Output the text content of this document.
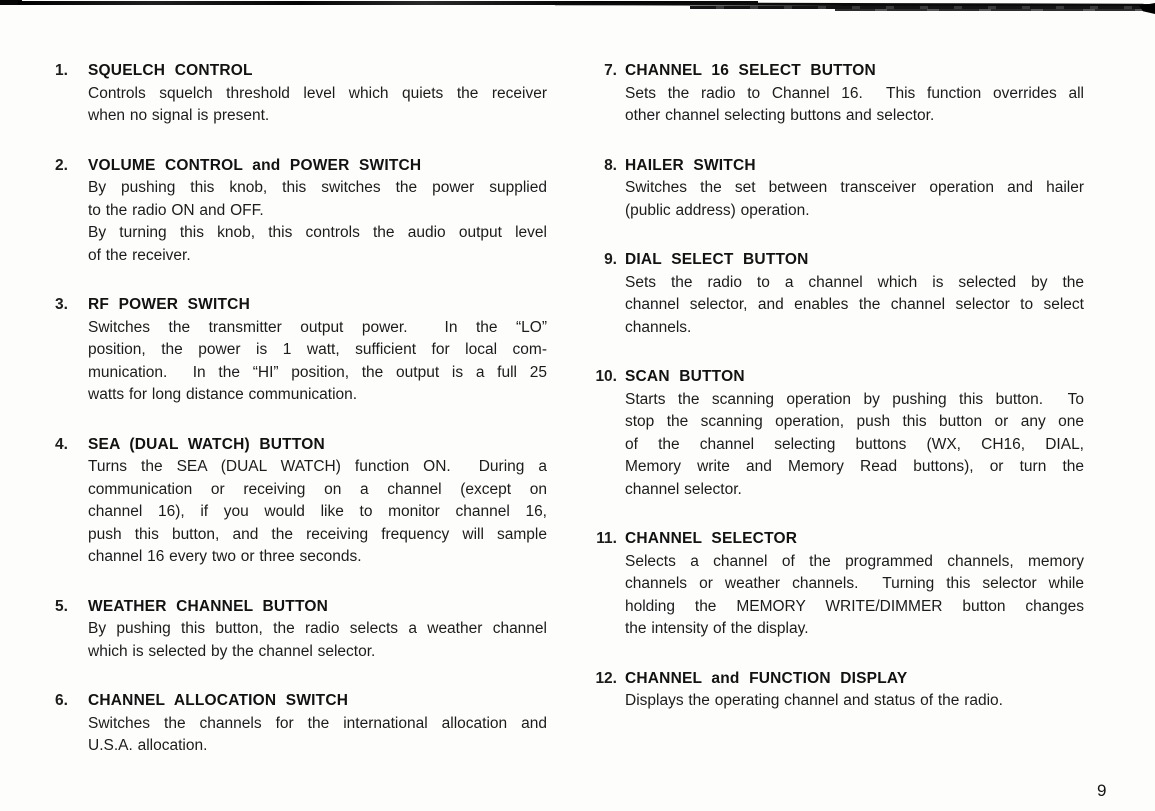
1.	SQUELCH CONTROL
Controls squelch threshold level which quiets the receiver
when no signal is present.
2.	VOLUME CONTROL and POWER SWITCH
By pushing this knob, this switches the power supplied
to the radio ON and OFF.
By turning this knob, this controls the audio output level
of the receiver.
3.	RF POWER SWITCH
Switches the transmitter output power.  In the “LO”
position, the power is 1 watt, sufficient for local com-
munication.  In the “HI” position, the output is a full 25
watts for long distance communication.
4.	SEA (DUAL WATCH) BUTTON
Turns the SEA (DUAL WATCH) function ON.  During a
communication or receiving on a channel (except on
channel 16), if you would like to monitor channel 16,
push this button, and the receiving frequency will sample
channel 16 every two or three seconds.
5.	WEATHER CHANNEL BUTTON
By pushing this button, the radio selects a weather channel
which is selected by the channel selector.
6.	CHANNEL ALLOCATION SWITCH
Switches the channels for the international allocation and
U.S.A. allocation.
7. CHANNEL 16 SELECT BUTTON
Sets the radio to Channel 16.  This function overrides all
other channel selecting buttons and selector.
8. HAILER SWITCH
Switches the set between transceiver operation and hailer
(public address) operation.
9. DIAL SELECT BUTTON
Sets the radio to a channel which is selected by the
channel selector, and enables the channel selector to select
channels.
10. SCAN BUTTON
Starts the scanning operation by pushing this button.  To
stop the scanning operation, push this button or any one
of the channel selecting buttons (WX, CH16, DIAL,
Memory write and Memory Read buttons), or turn the
channel selector.
11. CHANNEL SELECTOR
Selects a channel of the programmed channels, memory
channels or weather channels.  Turning this selector while
holding the MEMORY WRITE/DIMMER button changes
the intensity of the display.
12. CHANNEL and FUNCTION DISPLAY
Displays the operating channel and status of the radio.
9
